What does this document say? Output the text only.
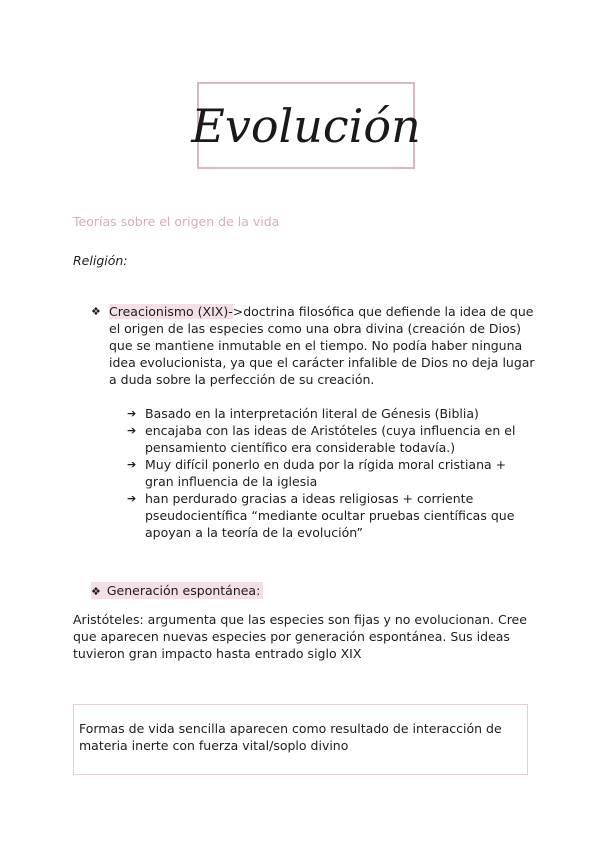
Evolución
Teorías sobre el origen de la vida
Religión:
❖ Creacionismo (XIX)->doctrina filosófica que defiende la idea de que el origen de las especies como una obra divina (creación de Dios) que se mantiene inmutable en el tiempo. No podía haber ninguna idea evolucionista, ya que el carácter infalible de Dios no deja lugar a duda sobre la perfección de su creación.
➔ Basado en la interpretación literal de Génesis (Biblia)
➔ encajaba con las ideas de Aristóteles (cuya influencia en el pensamiento científico era considerable todavía.)
➔ Muy difícil ponerlo en duda por la rígida moral cristiana + gran influencia de la iglesia
➔ han perdurado gracias a ideas religiosas + corriente pseudocientífica “mediante ocultar pruebas científicas que apoyan a la teoría de la evolución”
❖ Generación espontánea:
Aristóteles: argumenta que las especies son fijas y no evolucionan. Cree que aparecen nuevas especies por generación espontánea. Sus ideas tuvieron gran impacto hasta entrado siglo XIX
Formas de vida sencilla aparecen como resultado de interacción de materia inerte con fuerza vital/soplo divino
